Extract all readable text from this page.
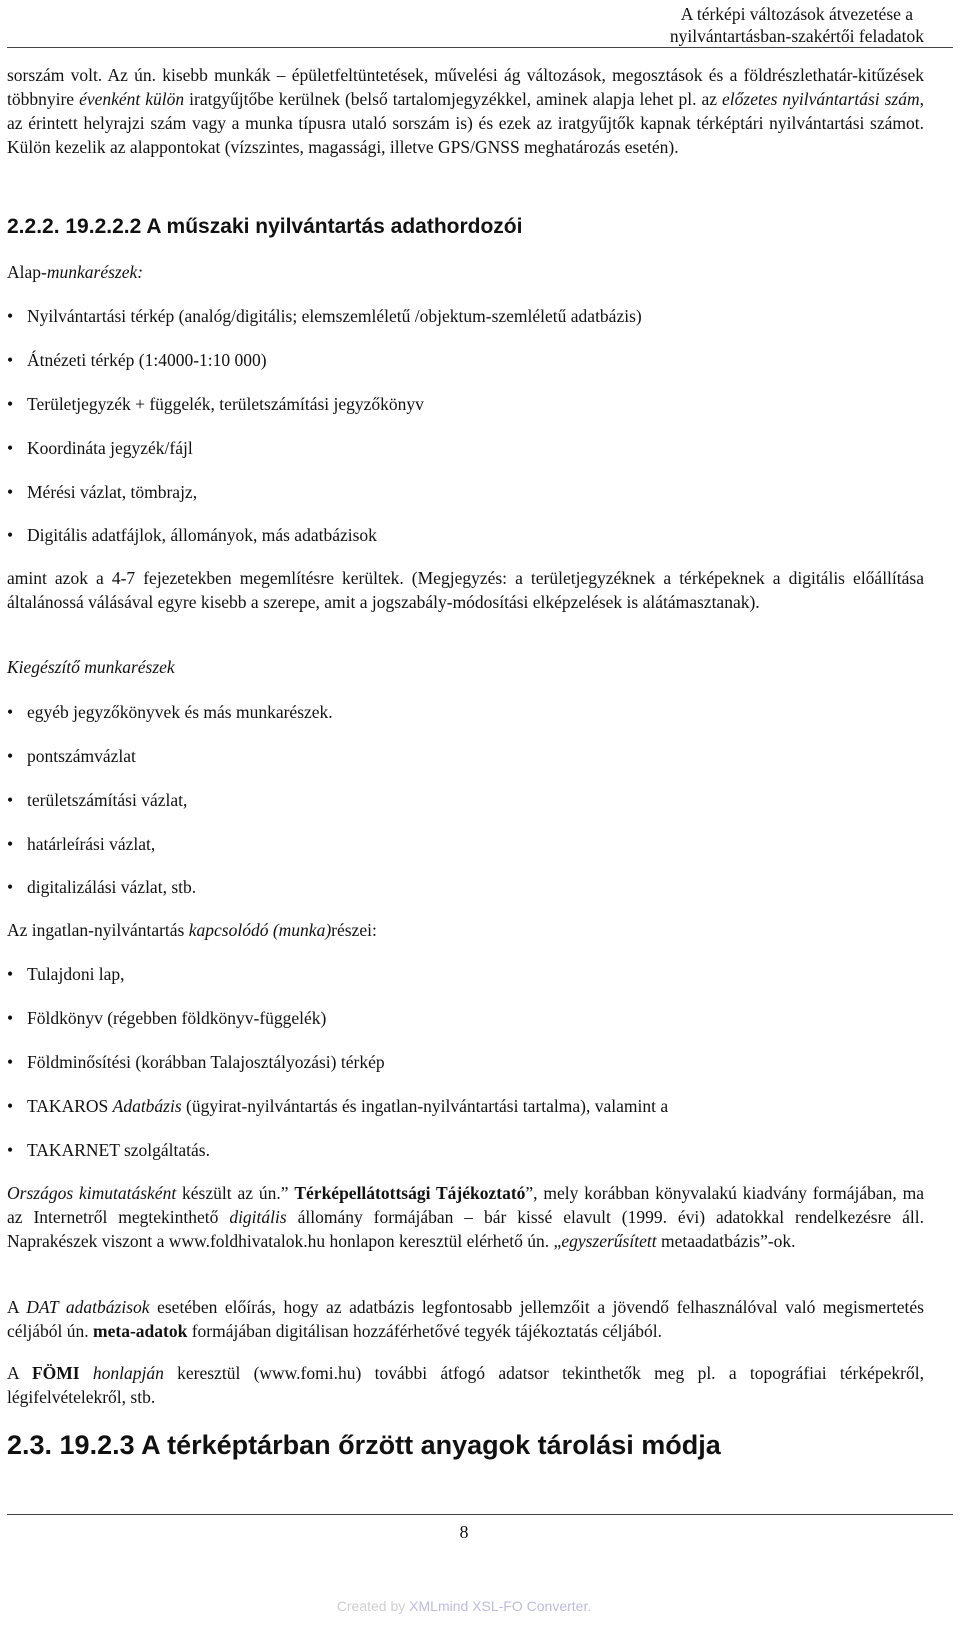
A térképi változások átvezetése a
nyilvántartásban-szakértői feladatok

sorszám volt. Az ún. kisebb munkák – épületfeltüntetések, művelési ág változások, megosztások és a földrészlethatár-kitűzések többnyire évenként külön iratgyűjtőbe kerülnek (belső tartalomjegyzékkel, aminek alapja lehet pl. az előzetes nyilvántartási szám, az érintett helyrajzi szám vagy a munka típusra utaló sorszám is) és ezek az iratgyűjtők kapnak térképtári nyilvántartási számot. Külön kezelik az alappontokat (vízszintes, magassági, illetve GPS/GNSS meghatározás esetén).

2.2.2. 19.2.2.2 A műszaki nyilvántartás adathordozói

Alap-munkarészek:

• Nyilvántartási térkép (analóg/digitális; elemszemléletű /objektum-szemléletű adatbázis)
• Átnézeti térkép (1:4000-1:10 000)
• Területjegyzék + függelék, területszámítási jegyzőkönyv
• Koordináta jegyzék/fájl
• Mérési vázlat, tömbrajz,
• Digitális adatfájlok, állományok, más adatbázisok

amint azok a 4-7 fejezetekben megemlítésre kerültek. (Megjegyzés: a területjegyzéknek a térképeknek a digitális előállítása általánossá válásával egyre kisebb a szerepe, amit a jogszabály-módosítási elképzelések is alátámasztanak).

Kiegészítő munkarészek

• egyéb jegyzőkönyvek és más munkarészek.
• pontszámvázlat
• területszámítási vázlat,
• határleírási vázlat,
• digitalizálási vázlat, stb.

Az ingatlan-nyilvántartás kapcsolódó (munka)részei:

• Tulajdoni lap,
• Földkönyv (régebben földkönyv-függelék)
• Földminősítési (korábban Talajosztályozási) térkép
• TAKAROS Adatbázis (ügyirat-nyilvántartás és ingatlan-nyilvántartási tartalma), valamint a
• TAKARNET szolgáltatás.

Országos kimutatásként készült az ún.” Térképellátottsági Tájékoztató”, mely korábban könyvalakú kiadvány formájában, ma az Internetről megtekinthető digitális állomány formájában – bár kissé elavult (1999. évi) adatokkal rendelkezésre áll. Naprakészek viszont a www.foldhivatalok.hu honlapon keresztül elérhető ún. „egyszerűsített metaadatbázis”-ok.

A DAT adatbázisok esetében előírás, hogy az adatbázis legfontosabb jellemzőit a jövendő felhasználóval való megismertetés céljából ún. meta-adatok formájában digitálisan hozzáférhetővé tegyék tájékoztatás céljából.

A FÖMI honlapján keresztül (www.fomi.hu) további átfogó adatsor tekinthetők meg pl. a topográfiai térképekről, légifelvételekről, stb.

2.3. 19.2.3 A térképtárban őrzött anyagok tárolási módja
8
Created by XMLmind XSL-FO Converter.
